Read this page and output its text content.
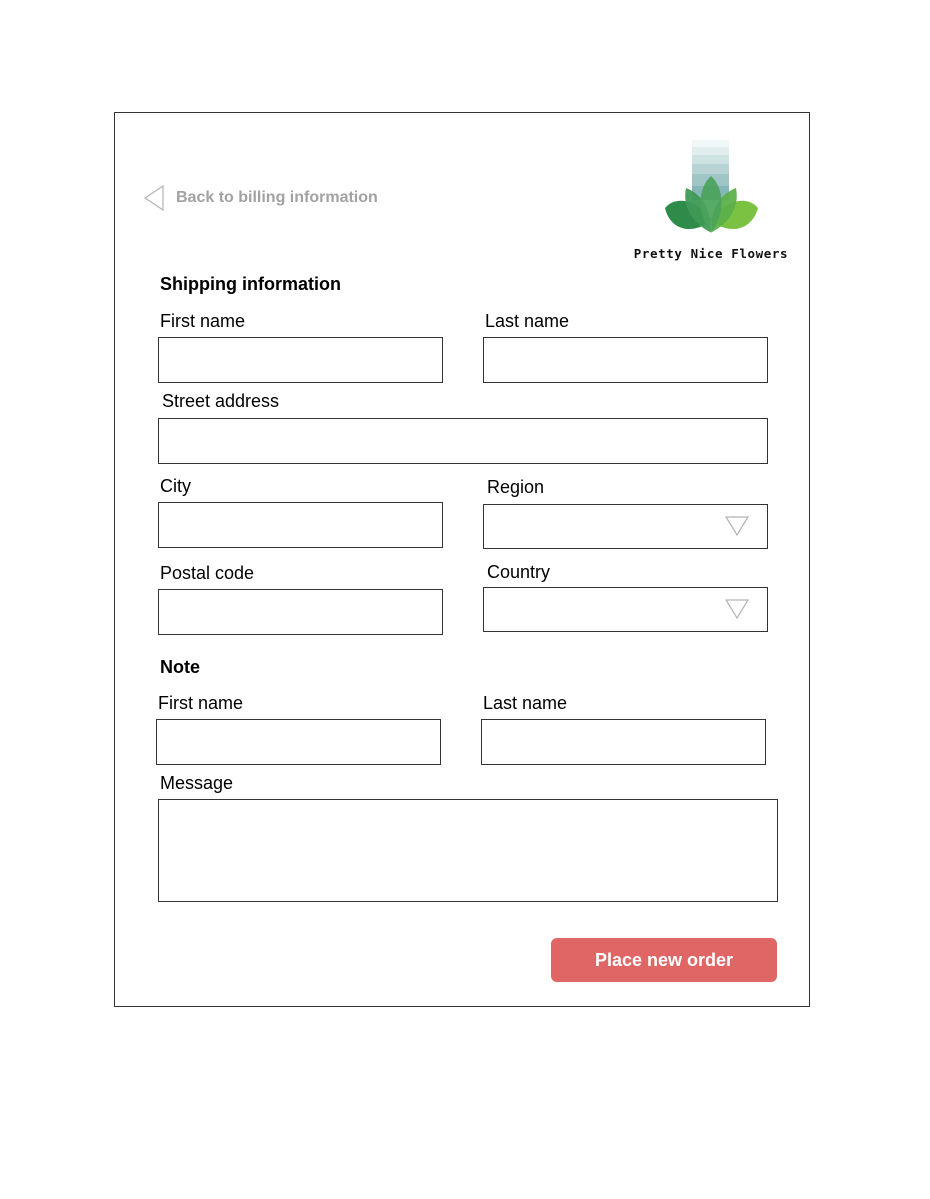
Back to billing information
Pretty Nice Flowers
Shipping information
First name	Last name
Street address
City	Region
Postal code	Country
Note
First name	Last name
Message
Place new order
